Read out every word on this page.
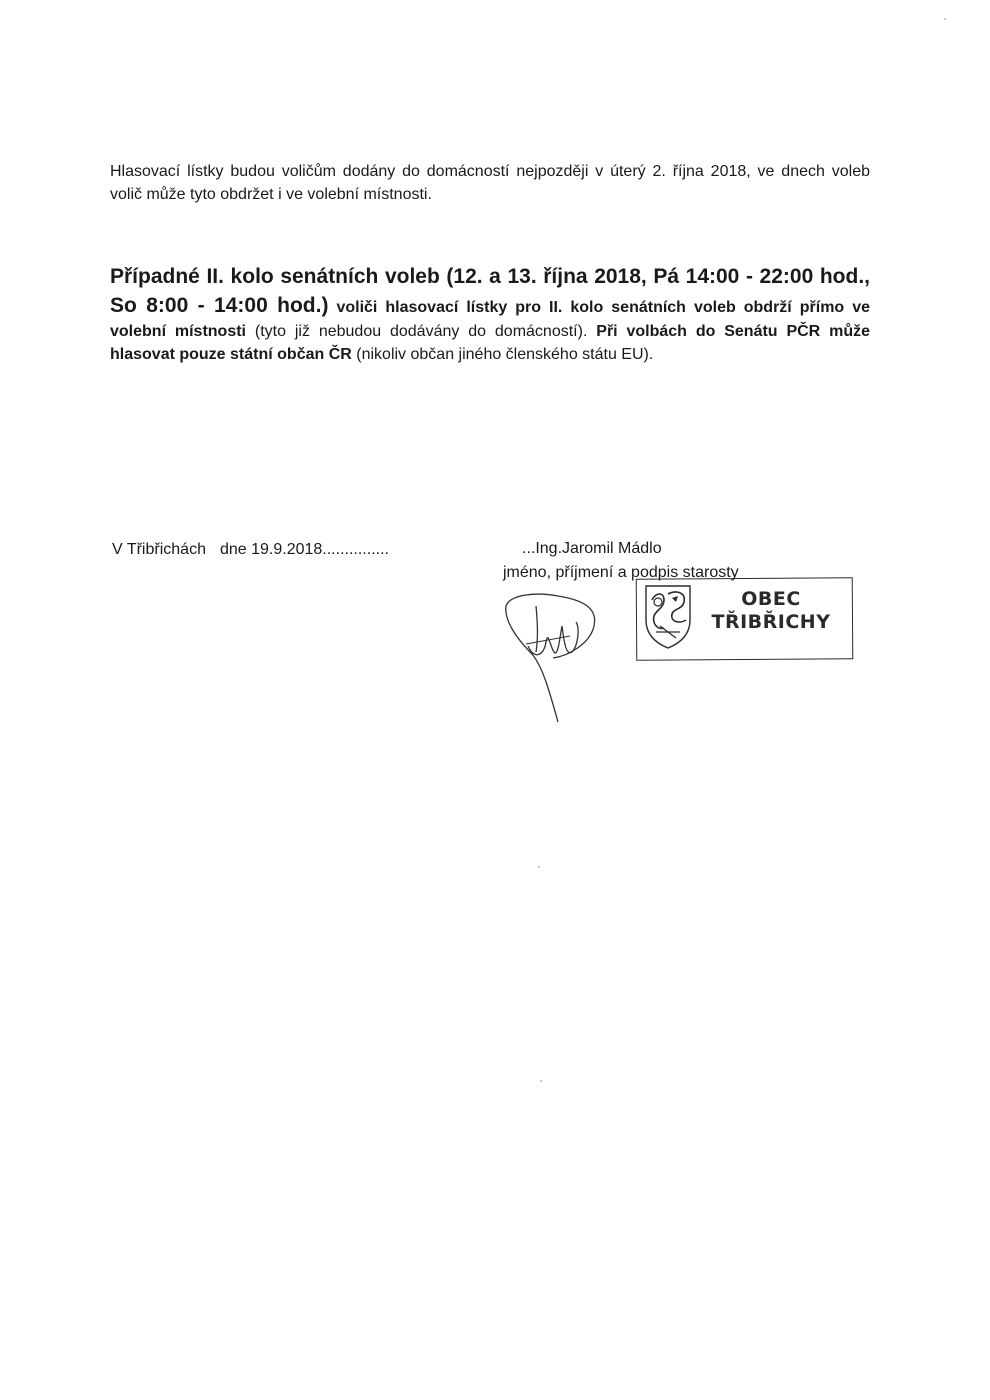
Hlasovací lístky budou voličům dodány do domácností nejpozději v úterý 2. října 2018, ve dnech voleb volič může tyto obdržet i ve volební místnosti.

Případné II. kolo senátních voleb (12. a 13. října 2018, Pá 14:00 - 22:00 hod., So 8:00 - 14:00 hod.) voliči hlasovací lístky pro II. kolo senátních voleb obdrží přímo ve volební místnosti (tyto již nebudou dodávány do domácností). Při volbách do Senátu PČR může hlasovat pouze státní občan ČR (nikoliv občan jiného členského státu EU).

V Třibřichách dne 19.9.2018...............	...Ing.Jaromil Mádlo
jméno, příjmení a podpis starosty
OBEC
TŘIBŘICHY
